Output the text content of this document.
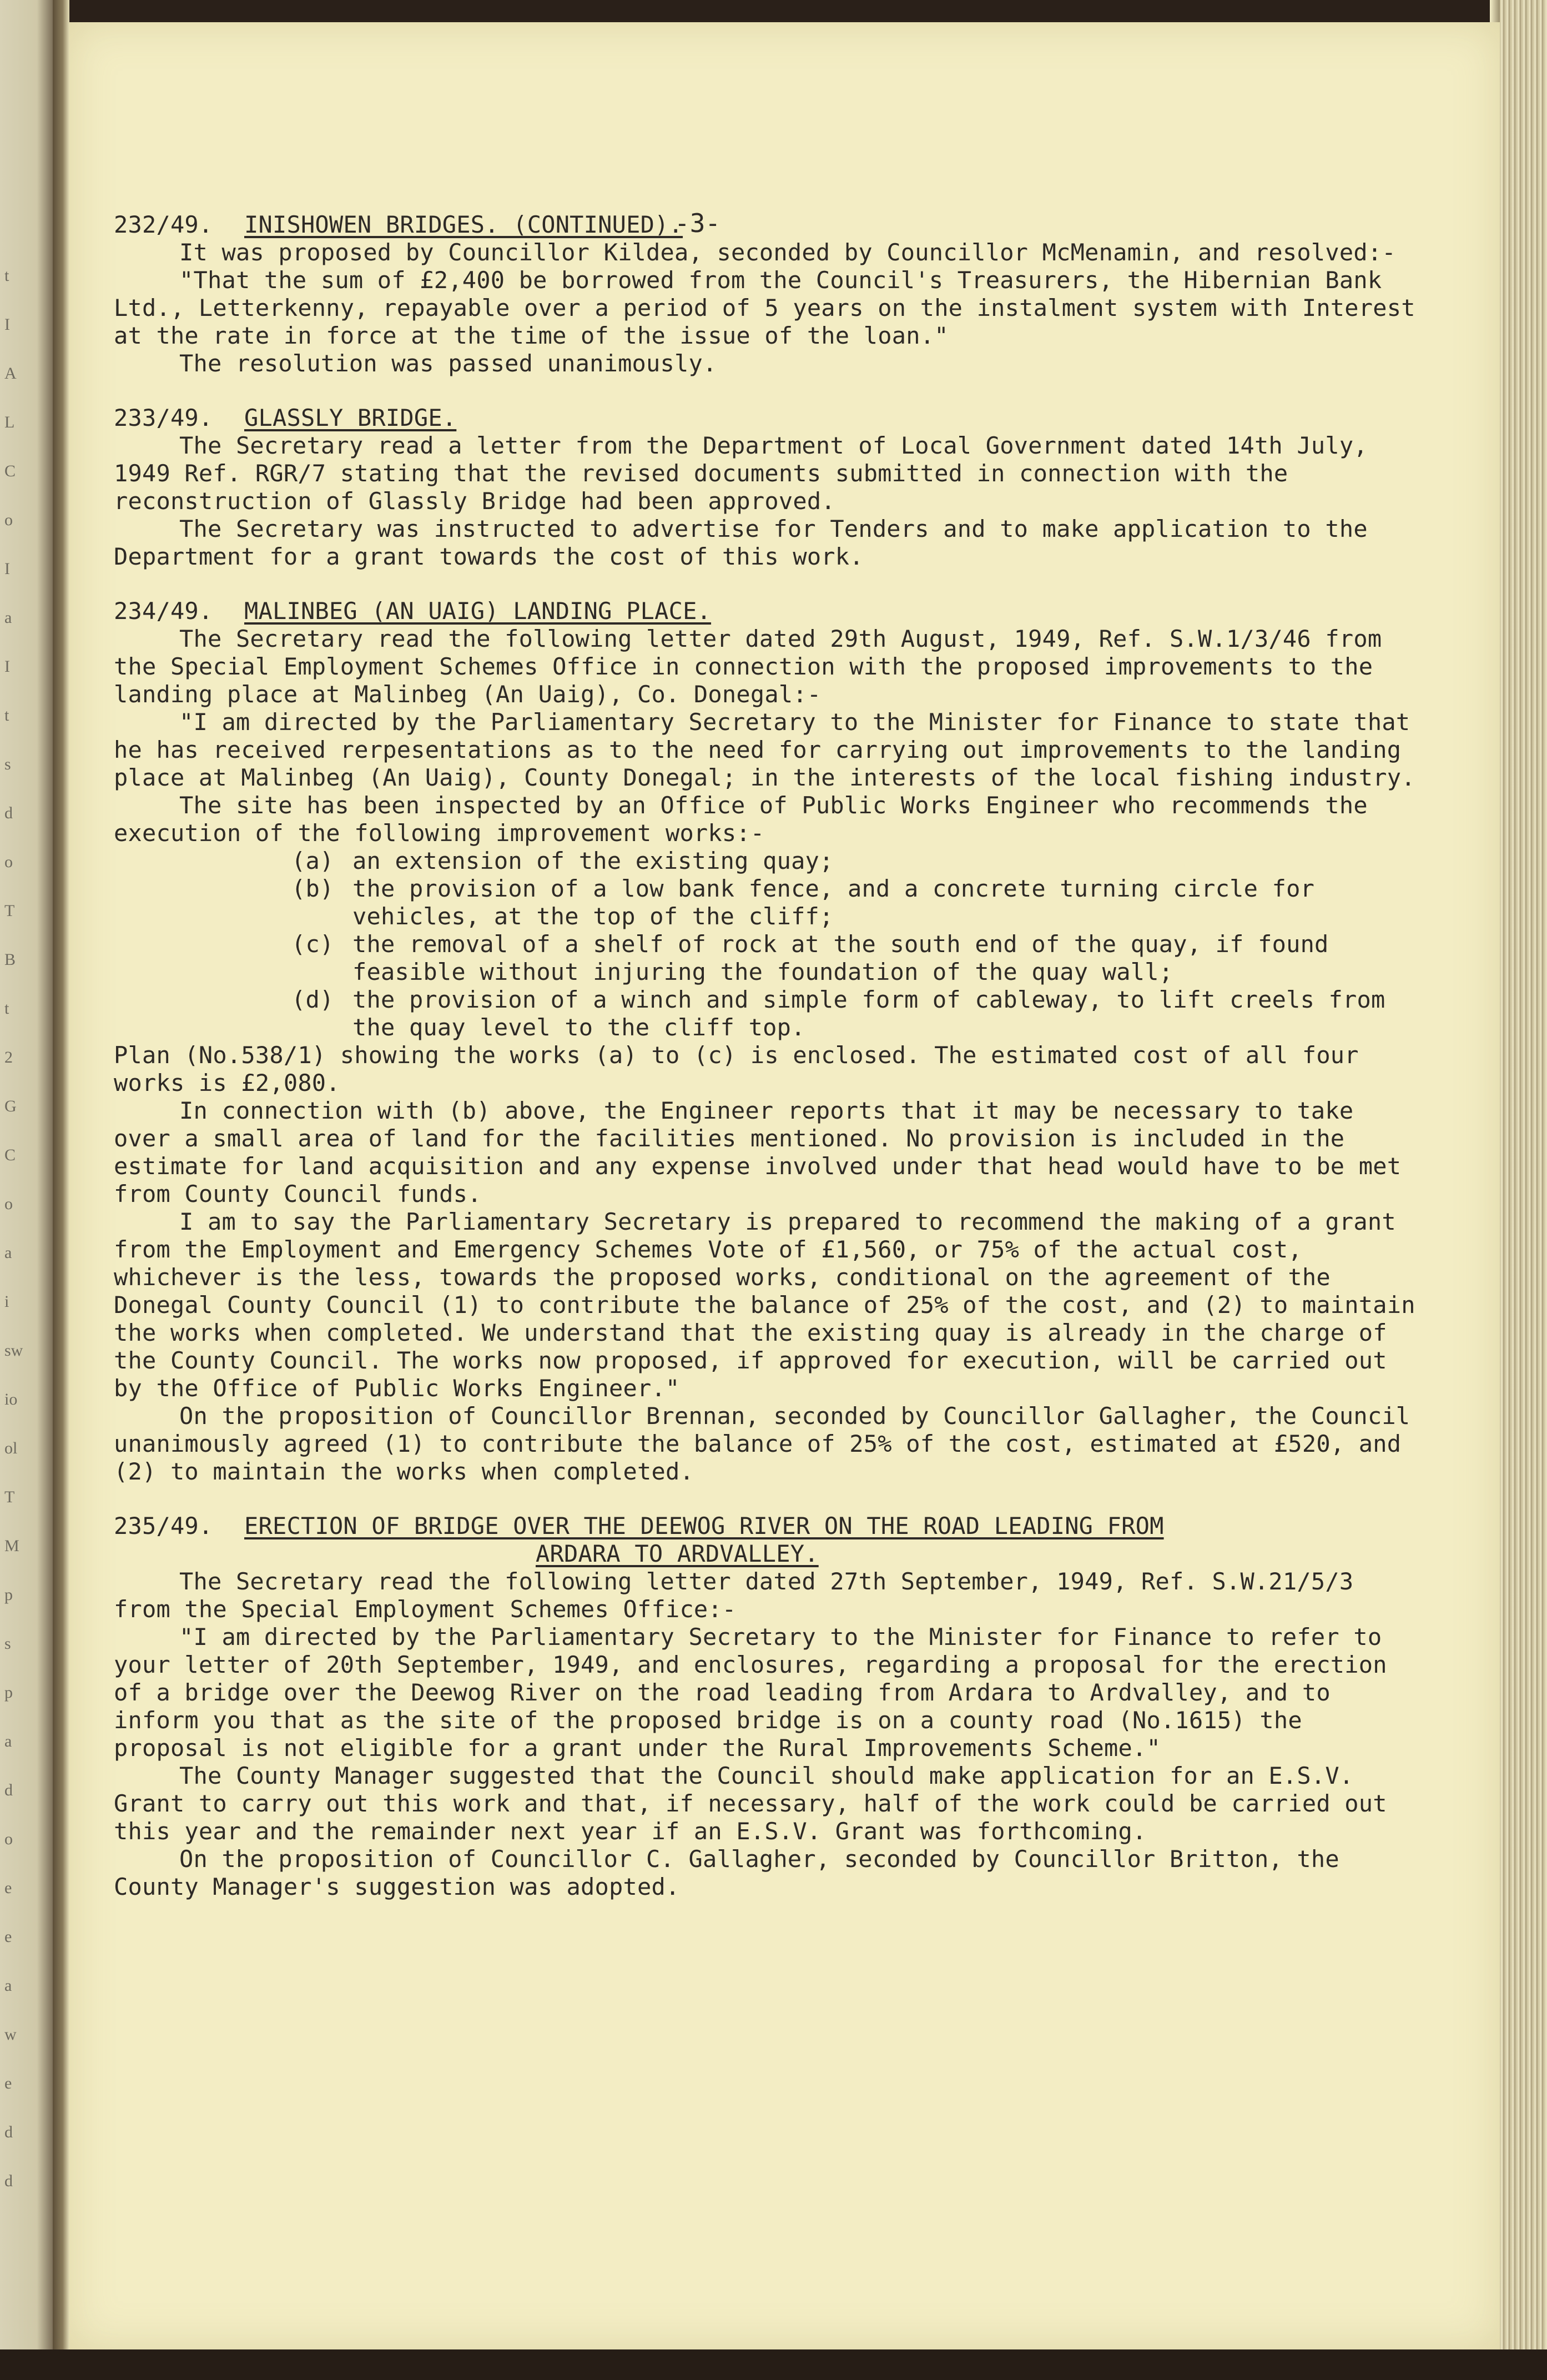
t
I
A
L
C
o
I
a
I
t
s
d
o
T
B
t
2
G
C
o
a
i
sw
io
ol
T
M
p
s
p
a
d
o
e
e
a
w
e
d
d
-3-
232/49.	INISHOWEN BRIDGES. (CONTINUED).

It was proposed by Councillor Kildea, seconded by Councillor McMenamin, and resolved:-

"That the sum of £2,400 be borrowed from the Council's Treasurers, the Hibernian Bank Ltd., Letterkenny, repayable over a period of 5 years on the instalment system with Interest at the rate in force at the time of the issue of the loan."

The resolution was passed unanimously.

233/49.	GLASSLY BRIDGE.

The Secretary read a letter from the Department of Local Government dated 14th July, 1949 Ref. RGR/7 stating that the revised documents submitted in connection with the reconstruction of Glassly Bridge had been approved.

The Secretary was instructed to advertise for Tenders and to make application to the Department for a grant towards the cost of this work.

234/49.	MALINBEG (AN UAIG) LANDING PLACE.

The Secretary read the following letter dated 29th August, 1949, Ref. S.W.1/3/46 from the Special Employment Schemes Office in connection with the proposed improvements to the landing place at Malinbeg (An Uaig), Co. Donegal:-

"I am directed by the Parliamentary Secretary to the Minister for Finance to state that he has received rerpesentations as to the need for carrying out improvements to the landing place at Malinbeg (An Uaig), County Donegal; in the interests of the local fishing industry.

The site has been inspected by an Office of Public Works Engineer who recommends the execution of the following improvement works:-

(a) an extension of the existing quay;
(b) the provision of a low bank fence, and a concrete turning circle for vehicles, at the top of the cliff;
(c) the removal of a shelf of rock at the south end of the quay, if found feasible without injuring the foundation of the quay wall;
(d) the provision of a winch and simple form of cableway, to lift creels from the quay level to the cliff top.

Plan (No.538/1) showing the works (a) to (c) is enclosed. The estimated cost of all four works is £2,080.

In connection with (b) above, the Engineer reports that it may be necessary to take over a small area of land for the facilities mentioned. No provision is included in the estimate for land acquisition and any expense involved under that head would have to be met from County Council funds.

I am to say the Parliamentary Secretary is prepared to recommend the making of a grant from the Employment and Emergency Schemes Vote of £1,560, or 75% of the actual cost, whichever is the less, towards the proposed works, conditional on the agreement of the Donegal County Council (1) to contribute the balance of 25% of the cost, and (2) to maintain the works when completed. We understand that the existing quay is already in the charge of the County Council. The works now proposed, if approved for execution, will be carried out by the Office of Public Works Engineer."

On the proposition of Councillor Brennan, seconded by Councillor Gallagher, the Council unanimously agreed (1) to contribute the balance of 25% of the cost, estimated at £520, and (2) to maintain the works when completed.

235/49.	ERECTION OF BRIDGE OVER THE DEEWOG RIVER ON THE ROAD LEADING FROM
ARDARA TO ARDVALLEY.

The Secretary read the following letter dated 27th September, 1949, Ref. S.W.21/5/3 from the Special Employment Schemes Office:-

"I am directed by the Parliamentary Secretary to the Minister for Finance to refer to your letter of 20th September, 1949, and enclosures, regarding a proposal for the erection of a bridge over the Deewog River on the road leading from Ardara to Ardvalley, and to inform you that as the site of the proposed bridge is on a county road (No.1615) the proposal is not eligible for a grant under the Rural Improvements Scheme."

The County Manager suggested that the Council should make application for an E.S.V. Grant to carry out this work and that, if necessary, half of the work could be carried out this year and the remainder next year if an E.S.V. Grant was forthcoming.

On the proposition of Councillor C. Gallagher, seconded by Councillor Britton, the County Manager's suggestion was adopted.
